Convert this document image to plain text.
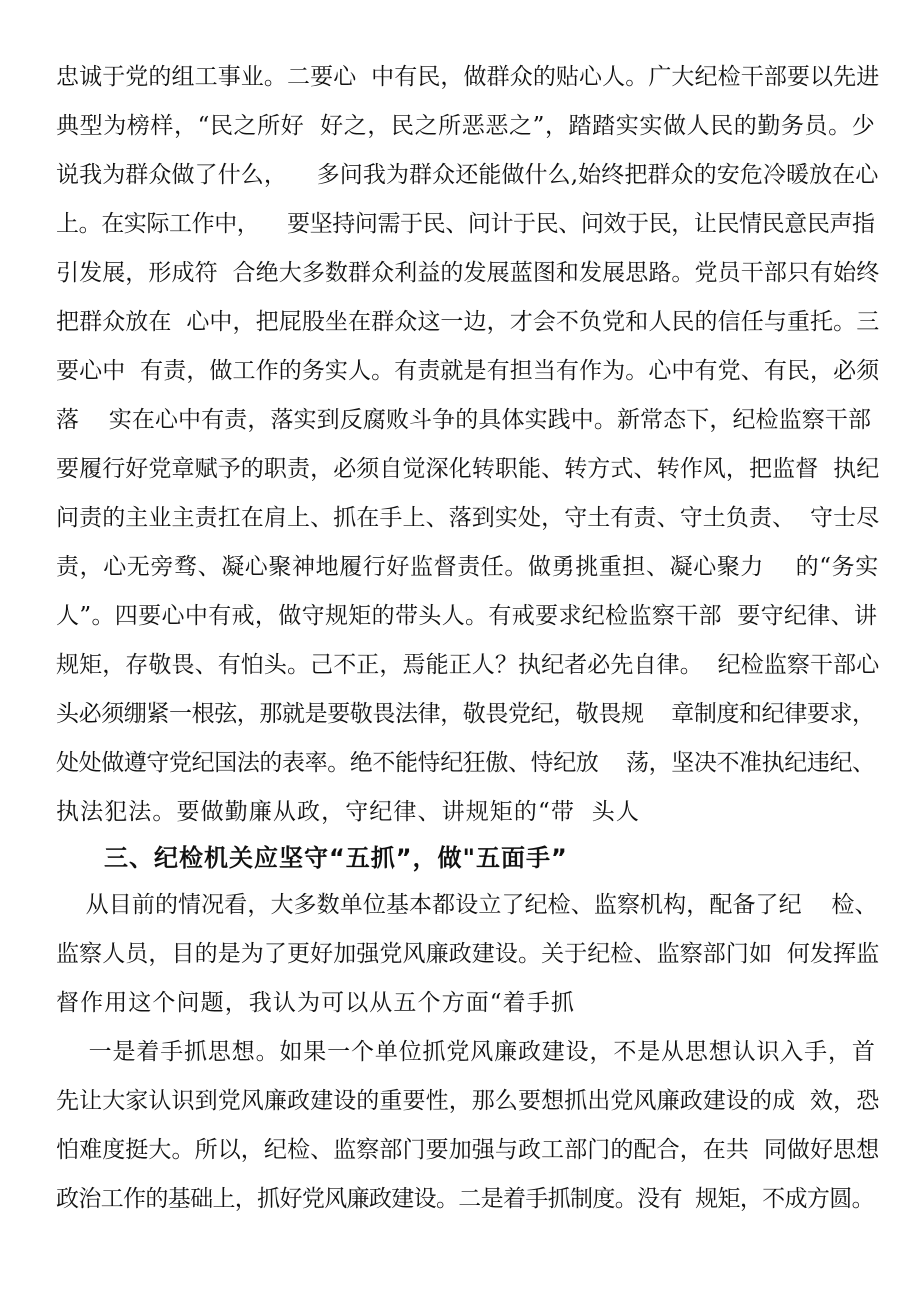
忠诚于党的组工事业。二要心  中有民，做群众的贴心人。广大纪检干部要以先进
典型为榜样，“民之所好  好之，民之所恶恶之”，踏踏实实做人民的勤务员。少
说我为群众做了什么，    多问我为群众还能做什么,始终把群众的安危冷暖放在心
上。在实际工作中，    要坚持问需于民、问计于民、问效于民，让民情民意民声指
引发展，形成符  合绝大多数群众利益的发展蓝图和发展思路。党员干部只有始终
把群众放在  心中，把屁股坐在群众这一边，才会不负党和人民的信任与重托。三
要心中  有责，做工作的务实人。有责就是有担当有作为。心中有党、有民，必须
落    实在心中有责，落实到反腐败斗争的具体实践中。新常态下，纪检监察干部
要履行好党章赋予的职责，必须自觉深化转职能、转方式、转作风，把监督  执纪
问责的主业主责扛在肩上、抓在手上、落到实处，守土有责、守土负责、  守士尽
责，心无旁骛、凝心聚神地履行好监督责任。做勇挑重担、凝心聚力    的“务实
人”。四要心中有戒，做守规矩的带头人。有戒要求纪检监察干部  要守纪律、讲
规矩，存敬畏、有怕头。己不正，焉能正人？执纪者必先自律。  纪检监察干部心
头必须绷紧一根弦，那就是要敬畏法律，敬畏党纪，敬畏规    章制度和纪律要求，
处处做遵守党纪国法的表率。绝不能恃纪狂傲、恃纪放    荡，坚决不准执纪违纪、
执法犯法。要做勤廉从政，守纪律、讲规矩的“带  头人
三、纪检机关应坚守“五抓”，做"五面手”
从目前的情况看，大多数单位基本都设立了纪检、监察机构，配备了纪    检、
监察人员，目的是为了更好加强党风廉政建设。关于纪检、监察部门如  何发挥监
督作用这个问题，我认为可以从五个方面“着手抓
一是着手抓思想。如果一个单位抓党风廉政建设，不是从思想认识入手，首
先让大家认识到党风廉政建设的重要性，那么要想抓出党风廉政建设的成  效，恐
怕难度挺大。所以，纪检、监察部门要加强与政工部门的配合，在共  同做好思想
政治工作的基础上，抓好党风廉政建设。二是着手抓制度。没有  规矩，不成方圆。
